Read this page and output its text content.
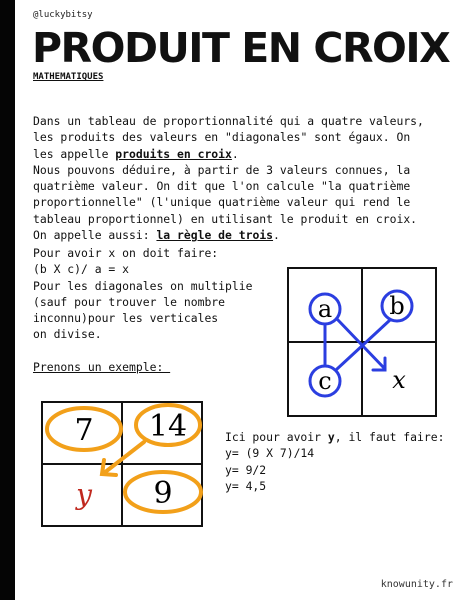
@luckybitsy
PRODUIT EN CROIX
MATHEMATIQUES
Dans un tableau de proportionnalité qui a quatre valeurs,
les produits des valeurs en "diagonales" sont égaux. On
les appelle produits en croix.
Nous pouvons déduire, à partir de 3 valeurs connues, la
quatrième valeur. On dit que l'on calcule "la quatrième
proportionnelle" (l'unique quatrième valeur qui rend le
tableau proportionnel) en utilisant le produit en croix.
On appelle aussi: la règle de trois.
Pour avoir x on doit faire:
(b X c)/ a = x
Pour les diagonales on multiplie
(sauf pour trouver le nombre
inconnu)pour les verticales
on divise.
a b
c	x
Prenons un exemple:
7 14
y 9
Ici pour avoir y, il faut faire:
y= (9 X 7)/14
y= 9/2
y= 4,5
knowunity.fr
